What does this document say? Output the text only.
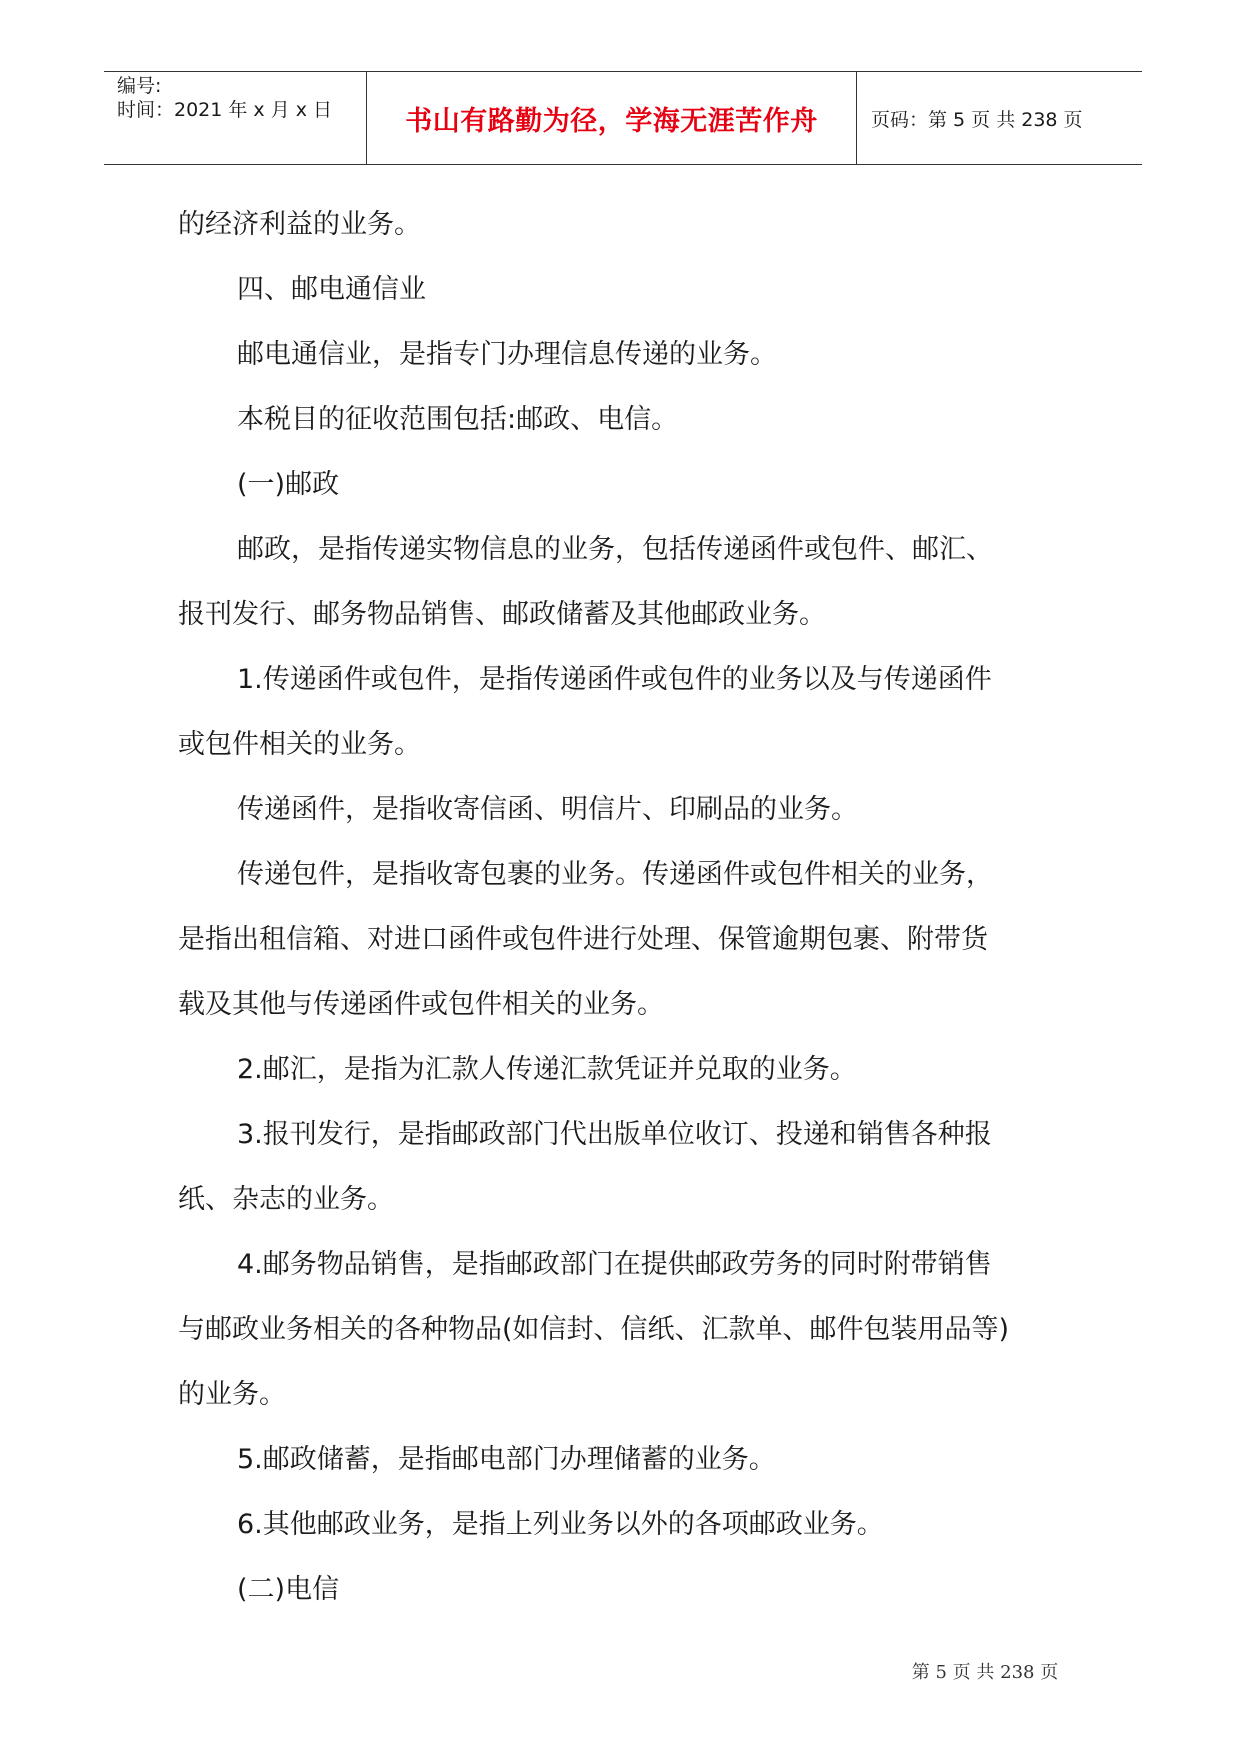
编号:
时间：2021 年 x 月 x 日	书山有路勤为径，学海无涯苦作舟	页码：第 5 页 共 238 页

的经济利益的业务。

四、邮电通信业

邮电通信业，是指专门办理信息传递的业务。

本税目的征收范围包括:邮政、电信。

(一)邮政

邮政，是指传递实物信息的业务，包括传递函件或包件、邮汇、

报刊发行、邮务物品销售、邮政储蓄及其他邮政业务。

1.传递函件或包件，是指传递函件或包件的业务以及与传递函件

或包件相关的业务。

传递函件，是指收寄信函、明信片、印刷品的业务。

传递包件，是指收寄包裹的业务。传递函件或包件相关的业务，

是指出租信箱、对进口函件或包件进行处理、保管逾期包裹、附带货

载及其他与传递函件或包件相关的业务。

2.邮汇，是指为汇款人传递汇款凭证并兑取的业务。

3.报刊发行，是指邮政部门代出版单位收订、投递和销售各种报

纸、杂志的业务。

4.邮务物品销售，是指邮政部门在提供邮政劳务的同时附带销售

与邮政业务相关的各种物品(如信封、信纸、汇款单、邮件包装用品等)

的业务。

5.邮政储蓄，是指邮电部门办理储蓄的业务。

6.其他邮政业务，是指上列业务以外的各项邮政业务。

(二)电信

第 5 页 共 238 页
